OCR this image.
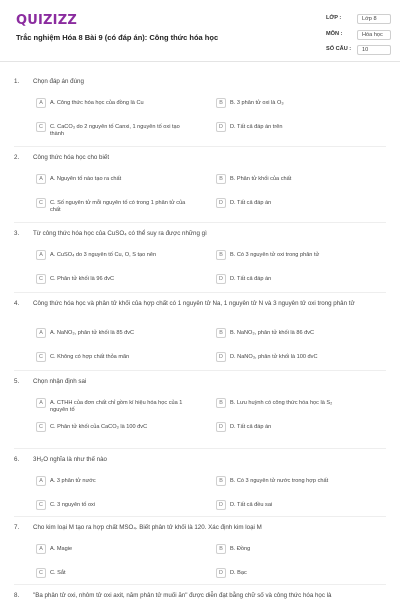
QUIZIZZ
Trắc nghiệm Hóa 8 Bài 9 (có đáp án): Công thức hóa học
LỚP :	Lớp 8
MÔN :	Hóa học
SỐ CÂU :	10
1. Chọn đáp án đúng
A	A. Công thức hóa học của đồng là Cu	B	B. 3 phân tử oxi là O₃
C	C. CaCO₃ do 2 nguyên tố Canxi, 1 nguyên tố oxi tạo thành
D	D. Tất cả đáp án trên
2. Công thức hóa học cho biết
A	A. Nguyên tố nào tạo ra chất	B	B. Phân tử khối của chất
C	C. Số nguyên tử mỗi nguyên tố có trong 1 phân tử của chất
D	D. Tất cả đáp án
3. Từ công thức hóa học của CuSO₄ có thể suy ra được những gì
A	A. CuSO₄ do 3 nguyên tố Cu, O, S tạo nên	B	B. Có 3 nguyên tử oxi trong phân tử
C	C. Phân tử khối là 96 đvC	D	D. Tất cả đáp án
4. Công thức hóa học và phân tử khối của hợp chất có 1 nguyên tử Na, 1 nguyên tử N và 3 nguyên tử oxi trong phân tử
A	A. NaNO₃, phân tử khối là 85 đvC	B	B. NaNO₃, phân tử khối là 86 đvC
C	C. Không có hợp chất thỏa mãn	D	D. NaNO₃, phân tử khối là 100 đvC
5. Chọn nhận định sai
A	A. CTHH của đơn chất chỉ gồm kí hiệu hóa học của 1 nguyên tố
B	B. Lưu huỳnh có công thức hóa học là S₂
C	C. Phân tử khối của CaCO₃ là 100 đvC	D	D. Tất cả đáp án
6. 3H₂O nghĩa là như thế nào
A	A. 3 phân tử nước	B	B. Có 3 nguyên tử nước trong hợp chất
C	C. 3 nguyên tố oxi	D	D. Tất cả đều sai
7. Cho kim loại M tạo ra hợp chất MSO₄. Biết phân tử khối là 120. Xác định kim loại M
A	A. Magie	B	B. Đồng
C	C. Sắt	D	D. Bạc
8. "Ba phân tử oxi, nhôm tử oxi axit, năm phân tử muối ăn" được diễn đạt bằng chữ số và công thức hóa học là
